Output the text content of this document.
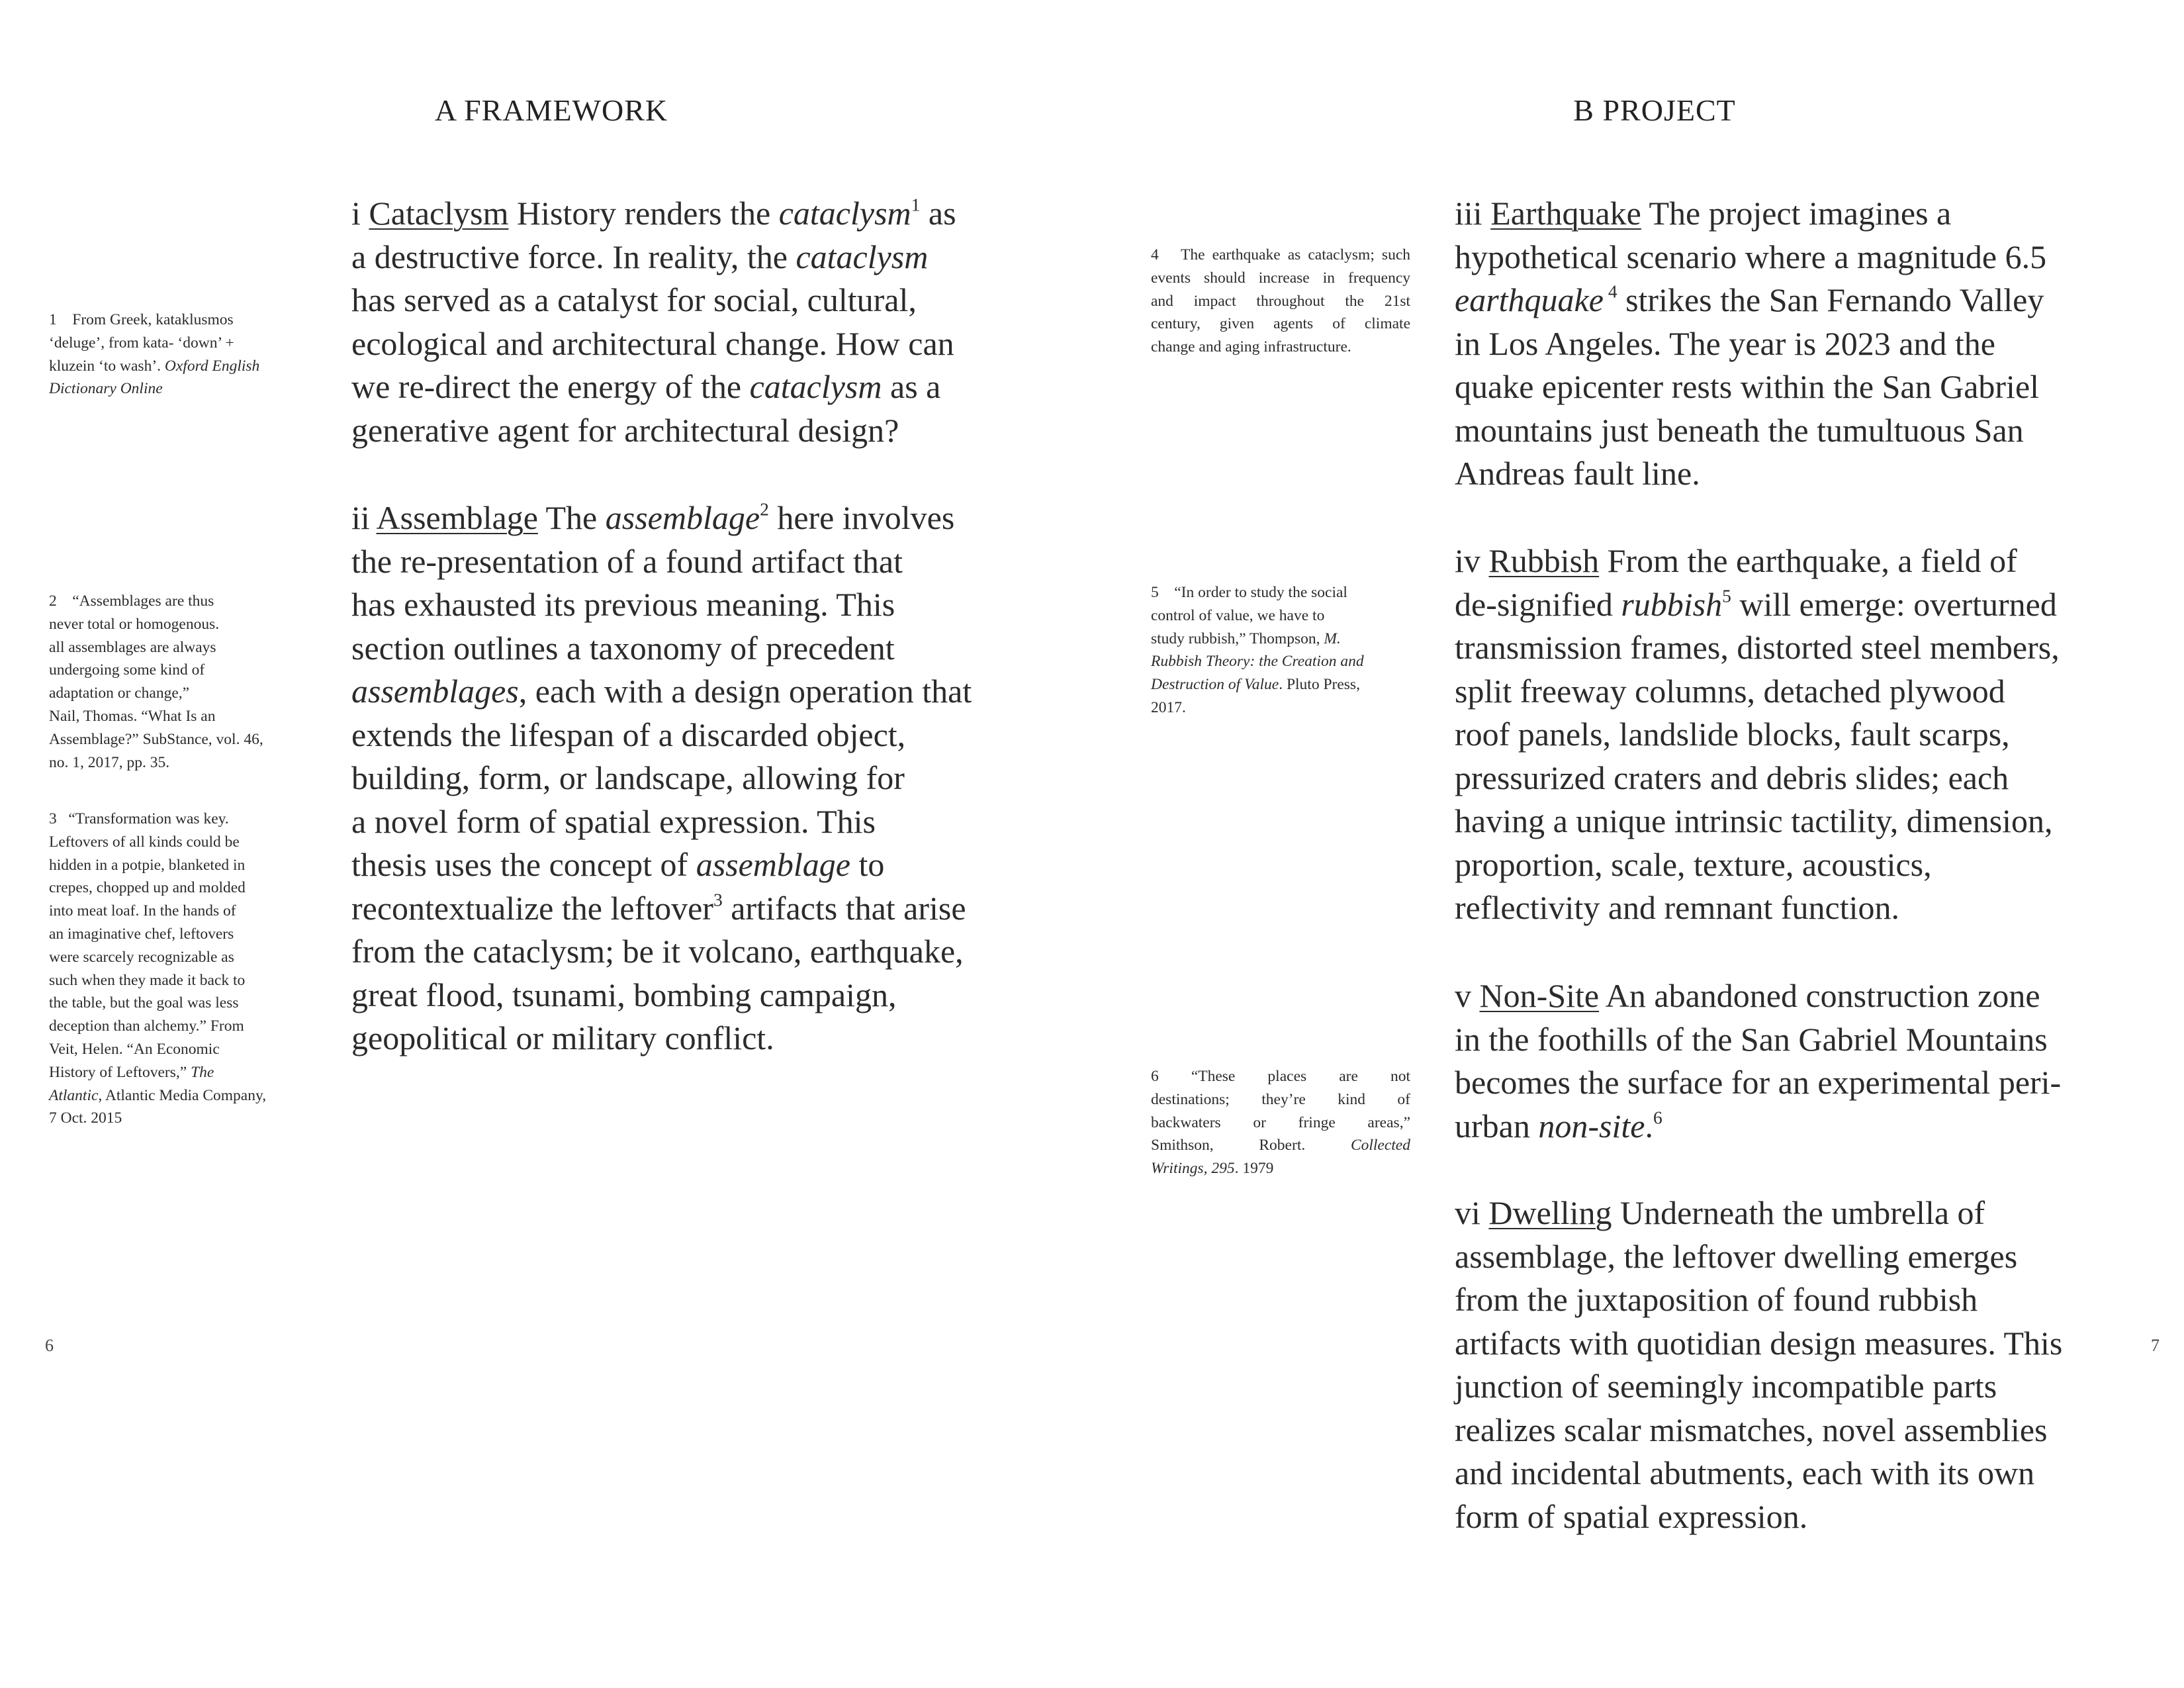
A FRAMEWORK	B PROJECT
i Cataclysm History renders the cataclysm$^1$ as
a destructive force. In reality, the cataclysm
has served as a catalyst for social, cultural,
ecological and architectural change. How can
we re-direct the energy of the cataclysm as a
generative agent for architectural design?
ii Assemblage The assemblage$^2$ here involves
the re-presentation of a found artifact that
has exhausted its previous meaning. This
section outlines a taxonomy of precedent
assemblages, each with a design operation that
extends the lifespan of a discarded object,
building, form, or landscape, allowing for
a novel form of spatial expression. This
thesis uses the concept of assemblage to
recontextualize the leftover$^3$ artifacts that arise
from the cataclysm; be it volcano, earthquake,
great flood, tsunami, bombing campaign,
geopolitical or military conflict.
iii Earthquake The project imagines a
hypothetical scenario where a magnitude 6.5
earthquake $^4$ strikes the San Fernando Valley
in Los Angeles. The year is 2023 and the
quake epicenter rests within the San Gabriel
mountains just beneath the tumultuous San
Andreas fault line.
iv Rubbish From the earthquake, a field of
de-signified rubbish$^5$ will emerge: overturned
transmission frames, distorted steel members,
split freeway columns, detached plywood
roof panels, landslide blocks, fault scarps,
pressurized craters and debris slides; each
having a unique intrinsic tactility, dimension,
proportion, scale, texture, acoustics,
reflectivity and remnant function.
v Non-Site An abandoned construction zone
in the foothills of the San Gabriel Mountains
becomes the surface for an experimental peri-
urban non-site.$^6$
vi Dwelling Underneath the umbrella of
assemblage, the leftover dwelling emerges
from the juxtaposition of found rubbish
artifacts with quotidian design measures. This
junction of seemingly incompatible parts
realizes scalar mismatches, novel assemblies
and incidental abutments, each with its own
form of spatial expression.
1    From Greek, kataklusmos
‘deluge’, from kata- ‘down’ +
kluzein ‘to wash’. Oxford English
Dictionary Online
2    “Assemblages are thus
never total or homogenous.
all assemblages are always
undergoing some kind of
adaptation or change,”
Nail, Thomas. “What Is an
Assemblage?” SubStance, vol. 46,
no. 1, 2017, pp. 35.
3   “Transformation was key.
Leftovers of all kinds could be
hidden in a potpie, blanketed in
crepes, chopped up and molded
into meat loaf. In the hands of
an imaginative chef, leftovers
were scarcely recognizable as
such when they made it back to
the table, but the goal was less
deception than alchemy.” From
Veit, Helen. “An Economic
History of Leftovers,” The
Atlantic, Atlantic Media Company,
7 Oct. 2015
4   The earthquake as cataclysm; such
events should increase in frequency
and impact throughout the 21st
century, given agents of climate
change and aging infrastructure.
5    “In order to study the social
control of value, we have to
study rubbish,” Thompson, M.
Rubbish Theory: the Creation and
Destruction of Value. Pluto Press,
2017.
6 “These places are not
destinations; they’re kind of
backwaters or fringe areas,”
Smithson, Robert. Collected
Writings, 295. 1979
6	7
